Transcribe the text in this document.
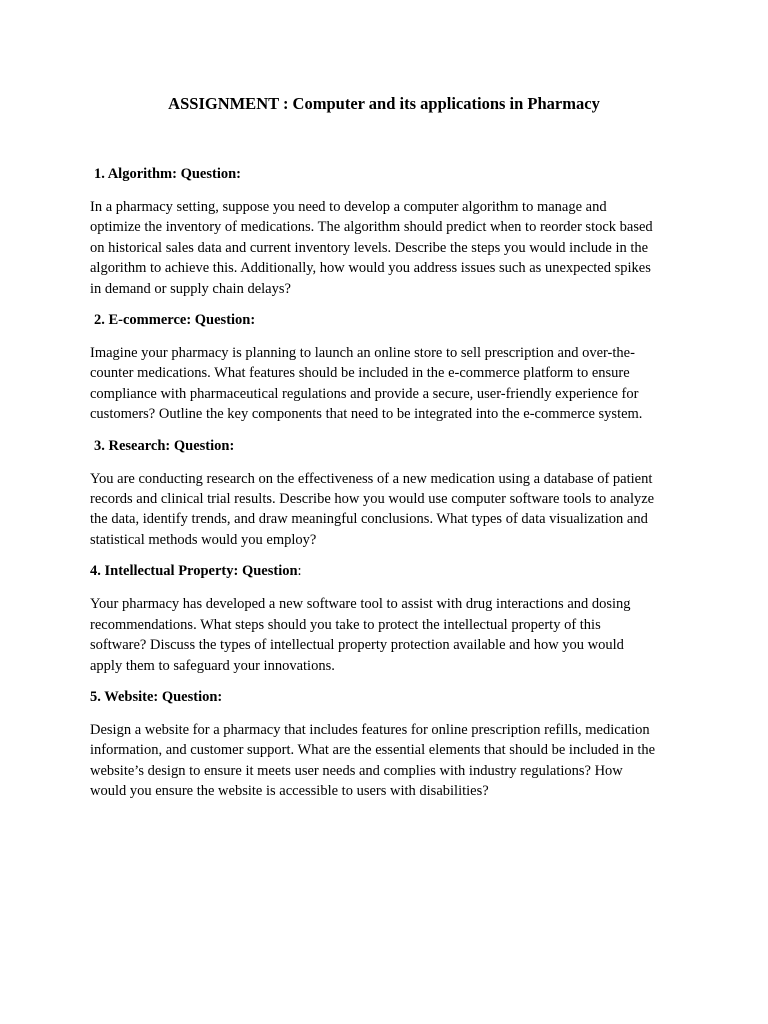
ASSIGNMENT : Computer and its applications in Pharmacy
1. Algorithm: Question:
In a pharmacy setting, suppose you need to develop a computer algorithm to manage and
optimize the inventory of medications. The algorithm should predict when to reorder stock based
on historical sales data and current inventory levels. Describe the steps you would include in the
algorithm to achieve this. Additionally, how would you address issues such as unexpected spikes
in demand or supply chain delays?
2. E-commerce: Question:
Imagine your pharmacy is planning to launch an online store to sell prescription and over-the-
counter medications. What features should be included in the e-commerce platform to ensure
compliance with pharmaceutical regulations and provide a secure, user-friendly experience for
customers? Outline the key components that need to be integrated into the e-commerce system.
3. Research: Question:
You are conducting research on the effectiveness of a new medication using a database of patient
records and clinical trial results. Describe how you would use computer software tools to analyze
the data, identify trends, and draw meaningful conclusions. What types of data visualization and
statistical methods would you employ?
4. Intellectual Property: Question:
Your pharmacy has developed a new software tool to assist with drug interactions and dosing
recommendations. What steps should you take to protect the intellectual property of this
software? Discuss the types of intellectual property protection available and how you would
apply them to safeguard your innovations.
5. Website: Question:
Design a website for a pharmacy that includes features for online prescription refills, medication
information, and customer support. What are the essential elements that should be included in the
website’s design to ensure it meets user needs and complies with industry regulations? How
would you ensure the website is accessible to users with disabilities?
